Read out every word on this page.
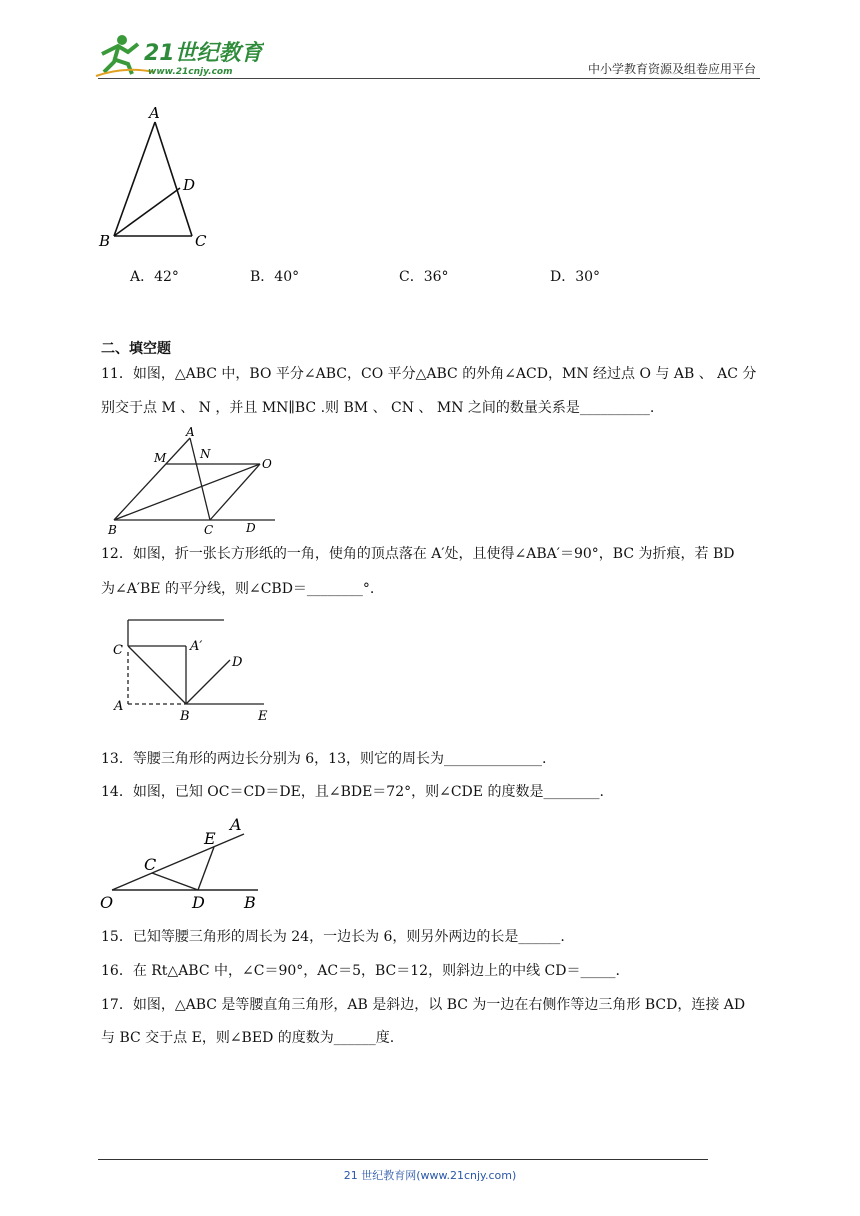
21世纪教育
www.21cnjy.com	中小学教育资源及组卷应用平台
A
D
B	C
A．42°	B．40°	C．36°	D．30°
二、填空题
11．如图，△ABC 中，BO 平分∠ABC，CO 平分△ABC 的外角∠ACD，MN 经过点 O 与 AB 、 AC 分
别交于点 M 、 N ，并且 MN∥BC .则 BM 、 CN 、 MN 之间的数量关系是__________.
A
M	N
O
B	C	D
12．如图，折一张长方形纸的一角，使角的顶点落在 A′处，且使得∠ABA′＝90°，BC 为折痕，若 BD
为∠A′BE 的平分线，则∠CBD＝________°.
C	A′
D
A
B	E
13．等腰三角形的两边长分别为 6，13，则它的周长为______________.
14．如图，已知 OC＝CD＝DE，且∠BDE＝72°，则∠CDE 的度数是________.
E
A
C
O	D B
15．已知等腰三角形的周长为 24，一边长为 6，则另外两边的长是______.
16．在 Rt△ABC 中，∠C＝90°，AC＝5，BC＝12，则斜边上的中线 CD＝_____.
17．如图，△ABC 是等腰直角三角形，AB 是斜边，以 BC 为一边在右侧作等边三角形 BCD，连接 AD
与 BC 交于点 E，则∠BED 的度数为______度.
21 世纪教育网(www.21cnjy.com)
